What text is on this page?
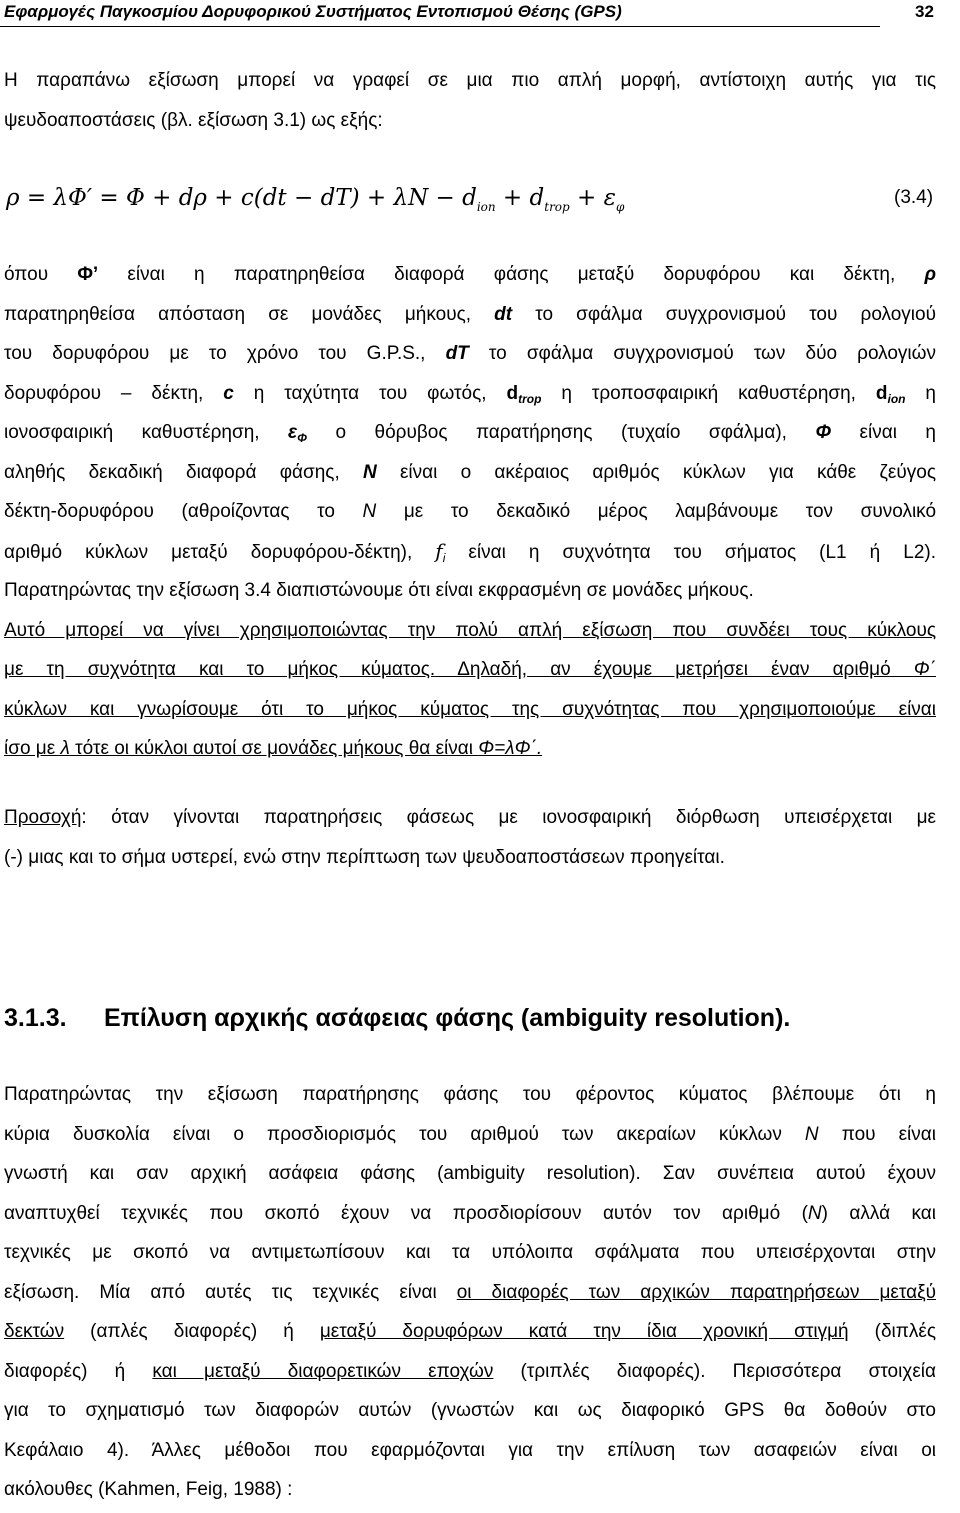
Εφαρμογές Παγκοσμίου Δορυφορικού Συστήματος Εντοπισμού Θέσης (GPS)	32
Η παραπάνω εξίσωση μπορεί να γραφεί σε μια πιο απλή μορφή, αντίστοιχη αυτής για τις
ψευδοαποστάσεις (βλ. εξίσωση 3.1) ως εξής:
$\rho = \lambda\Phi' = \Phi + d\rho + c(dt - dT) + \lambda N - d_{ion} + d_{trop} + \varepsilon_\varphi$	(3.4)
όπου Φ’ είναι η παρατηρηθείσα διαφορά φάσης μεταξύ δορυφόρου και δέκτη, ρ
παρατηρηθείσα απόσταση σε μονάδες μήκους, dt το σφάλμα συγχρονισμού του ρολογιού
του δορυφόρου με το χρόνο του G.P.S., dT το σφάλμα συγχρονισμού των δύο ρολογιών
δορυφόρου – δέκτη, c η ταχύτητα του φωτός, $d_{trop}$ η τροποσφαιρική καθυστέρηση, $d_{ion}$ η
ιονοσφαιρική καθυστέρηση, $\varepsilon_\Phi$ ο θόρυβος παρατήρησης (τυχαίο σφάλμα), Φ είναι η
αληθής δεκαδική διαφορά φάσης, N είναι ο ακέραιος αριθμός κύκλων για κάθε ζεύγος
δέκτη-δορυφόρου (αθροίζοντας το N με το δεκαδικό μέρος λαμβάνουμε τον συνολικό
αριθμό κύκλων μεταξύ δορυφόρου-δέκτη), $f_i$ είναι η συχνότητα του σήματος (L1 ή L2).
Παρατηρώντας την εξίσωση 3.4 διαπιστώνουμε ότι είναι εκφρασμένη σε μονάδες μήκους.
Αυτό μπορεί να γίνει χρησιμοποιώντας την πολύ απλή εξίσωση που συνδέει τους κύκλους
με τη συχνότητα και το μήκος κύματος. Δηλαδή, αν έχουμε μετρήσει έναν αριθμό Φ΄
κύκλων και γνωρίσουμε ότι το μήκος κύματος της συχνότητας που χρησιμοποιούμε είναι
ίσο με λ τότε οι κύκλοι αυτοί σε μονάδες μήκους θα είναι Φ=λΦ΄.
Προσοχή: όταν γίνονται παρατηρήσεις φάσεως με ιονοσφαιρική διόρθωση υπεισέρχεται με
(-) μιας και το σήμα υστερεί, ενώ στην περίπτωση των ψευδοαποστάσεων προηγείται.
3.1.3. Επίλυση αρχικής ασάφειας φάσης (ambiguity resolution).
Παρατηρώντας την εξίσωση παρατήρησης φάσης του φέροντος κύματος βλέπουμε ότι η
κύρια δυσκολία είναι ο προσδιορισμός του αριθμού των ακεραίων κύκλων N που είναι
γνωστή και σαν αρχική ασάφεια φάσης (ambiguity resolution). Σαν συνέπεια αυτού έχουν
αναπτυχθεί τεχνικές που σκοπό έχουν να προσδιορίσουν αυτόν τον αριθμό (N) αλλά και
τεχνικές με σκοπό να αντιμετωπίσουν και τα υπόλοιπα σφάλματα που υπεισέρχονται στην
εξίσωση. Μία από αυτές τις τεχνικές είναι οι διαφορές των αρχικών παρατηρήσεων μεταξύ
δεκτών (απλές διαφορές) ή μεταξύ δορυφόρων κατά την ίδια χρονική στιγμή (διπλές
διαφορές) ή και μεταξύ διαφορετικών εποχών (τριπλές διαφορές). Περισσότερα στοιχεία
για το σχηματισμό των διαφορών αυτών (γνωστών και ως διαφορικό GPS θα δοθούν στο
Κεφάλαιο 4). Άλλες μέθοδοι που εφαρμόζονται για την επίλυση των ασαφειών είναι οι
ακόλουθες (Kahmen, Feig, 1988) :
